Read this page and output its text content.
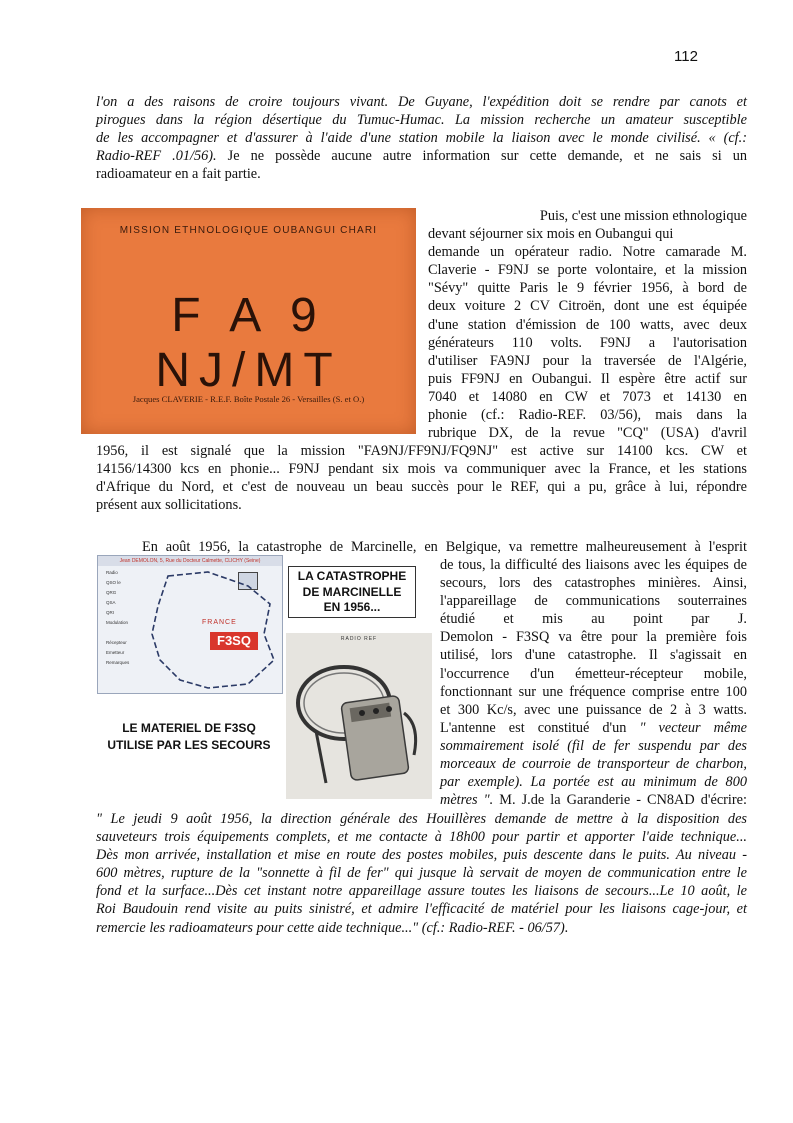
112
l'on a des raisons de croire toujours vivant. De Guyane, l'expédition doit se rendre par canots et
pirogues dans la région désertique du Tumuc-Humac. La mission recherche un amateur susceptible
de les accompagner et d'assurer à l'aide d'une station mobile la liaison avec le monde civilisé. « (cf.:
Radio-REF .01/56). Je ne possède aucune autre information sur cette demande, et ne sais si un
radioamateur en a fait partie.
MISSION ETHNOLOGIQUE OUBANGUI CHARI
F A 9 NJ/MT
Jacques CLAVERIE - R.E.F. Boîte Postale 26 - Versailles (S. et O.)
Puis, c'est une mission ethnologique
devant séjourner six mois en Oubangui qui
demande un opérateur radio. Notre camarade M.
Claverie - F9NJ se porte volontaire, et la mission
"Sévy" quitte Paris le 9 février 1956, à bord de
deux voiture 2 CV Citroën, dont une est équipée
d'une station d'émission de 100 watts, avec deux
générateurs 110 volts. F9NJ a l'autorisation
d'utiliser FA9NJ pour la traversée de l'Algérie,
puis FF9NJ en Oubangui. Il espère être actif sur
7040 et 14080 en CW et 7073 et 14130 en
phonie (cf.: Radio-REF. 03/56), mais dans la
rubrique DX, de la revue "CQ" (USA) d'avril
1956, il est signalé que la mission "FA9NJ/FF9NJ/FQ9NJ" est active sur 14100 kcs. CW et
14156/14300 kcs en phonie... F9NJ pendant six mois va communiquer avec la France, et les stations
d'Afrique du Nord, et c'est de nouveau un beau succès pour le REF, qui a pu, grâce à lui, répondre
présent aux sollicitations.
En août 1956, la catastrophe de Marcinelle, en Belgique, va remettre malheureusement à l'esprit
Jean DEMOLON, 5, Rue du Docteur Calmette, CLICHY (Seine)
Radio
QSO le
QRG
QSA
QRI
Modulation
Récepteur
Emetteur
Remarques
FRANCE
F3SQ
LA CATASTROPHE
DE MARCINELLE
EN 1956...
RADIO REF
LE MATERIEL DE F3SQ
UTILISE PAR LES SECOURS
de tous, la difficulté des liaisons avec les équipes de
secours, lors des catastrophes minières. Ainsi,
l'appareillage de communications souterraines
étudié et mis au point par J.
Demolon - F3SQ va être pour la première fois
utilisé, lors d'une catastrophe. Il s'agissait en
l'occurrence d'un émetteur-récepteur mobile,
fonctionnant sur une fréquence comprise entre 100
et 300 Kc/s, avec une puissance de 2 à 3 watts.
L'antenne est constitué d'un " vecteur même
sommairement isolé (fil de fer suspendu par des
morceaux de courroie de transporteur de charbon,
par exemple). La portée est au minimum de 800
mètres ". M. J.de la Garanderie - CN8AD d'écrire:
" Le jeudi 9 août 1956, la direction générale des Houillères demande de mettre à la disposition des
sauveteurs trois équipements complets, et me contacte à 18h00 pour partir et apporter l'aide technique...
Dès mon arrivée, installation et mise en route des postes mobiles, puis descente dans le puits. Au niveau -
600 mètres, rupture de la "sonnette à fil de fer" qui jusque là servait de moyen de communication entre le
fond et la surface...Dès cet instant notre appareillage assure toutes les liaisons de secours...Le 10 août, le
Roi Baudouin rend visite au puits sinistré, et admire l'efficacité de matériel pour les liaisons cage-jour, et
remercie les radioamateurs pour cette aide technique..." (cf.: Radio-REF. - 06/57).
